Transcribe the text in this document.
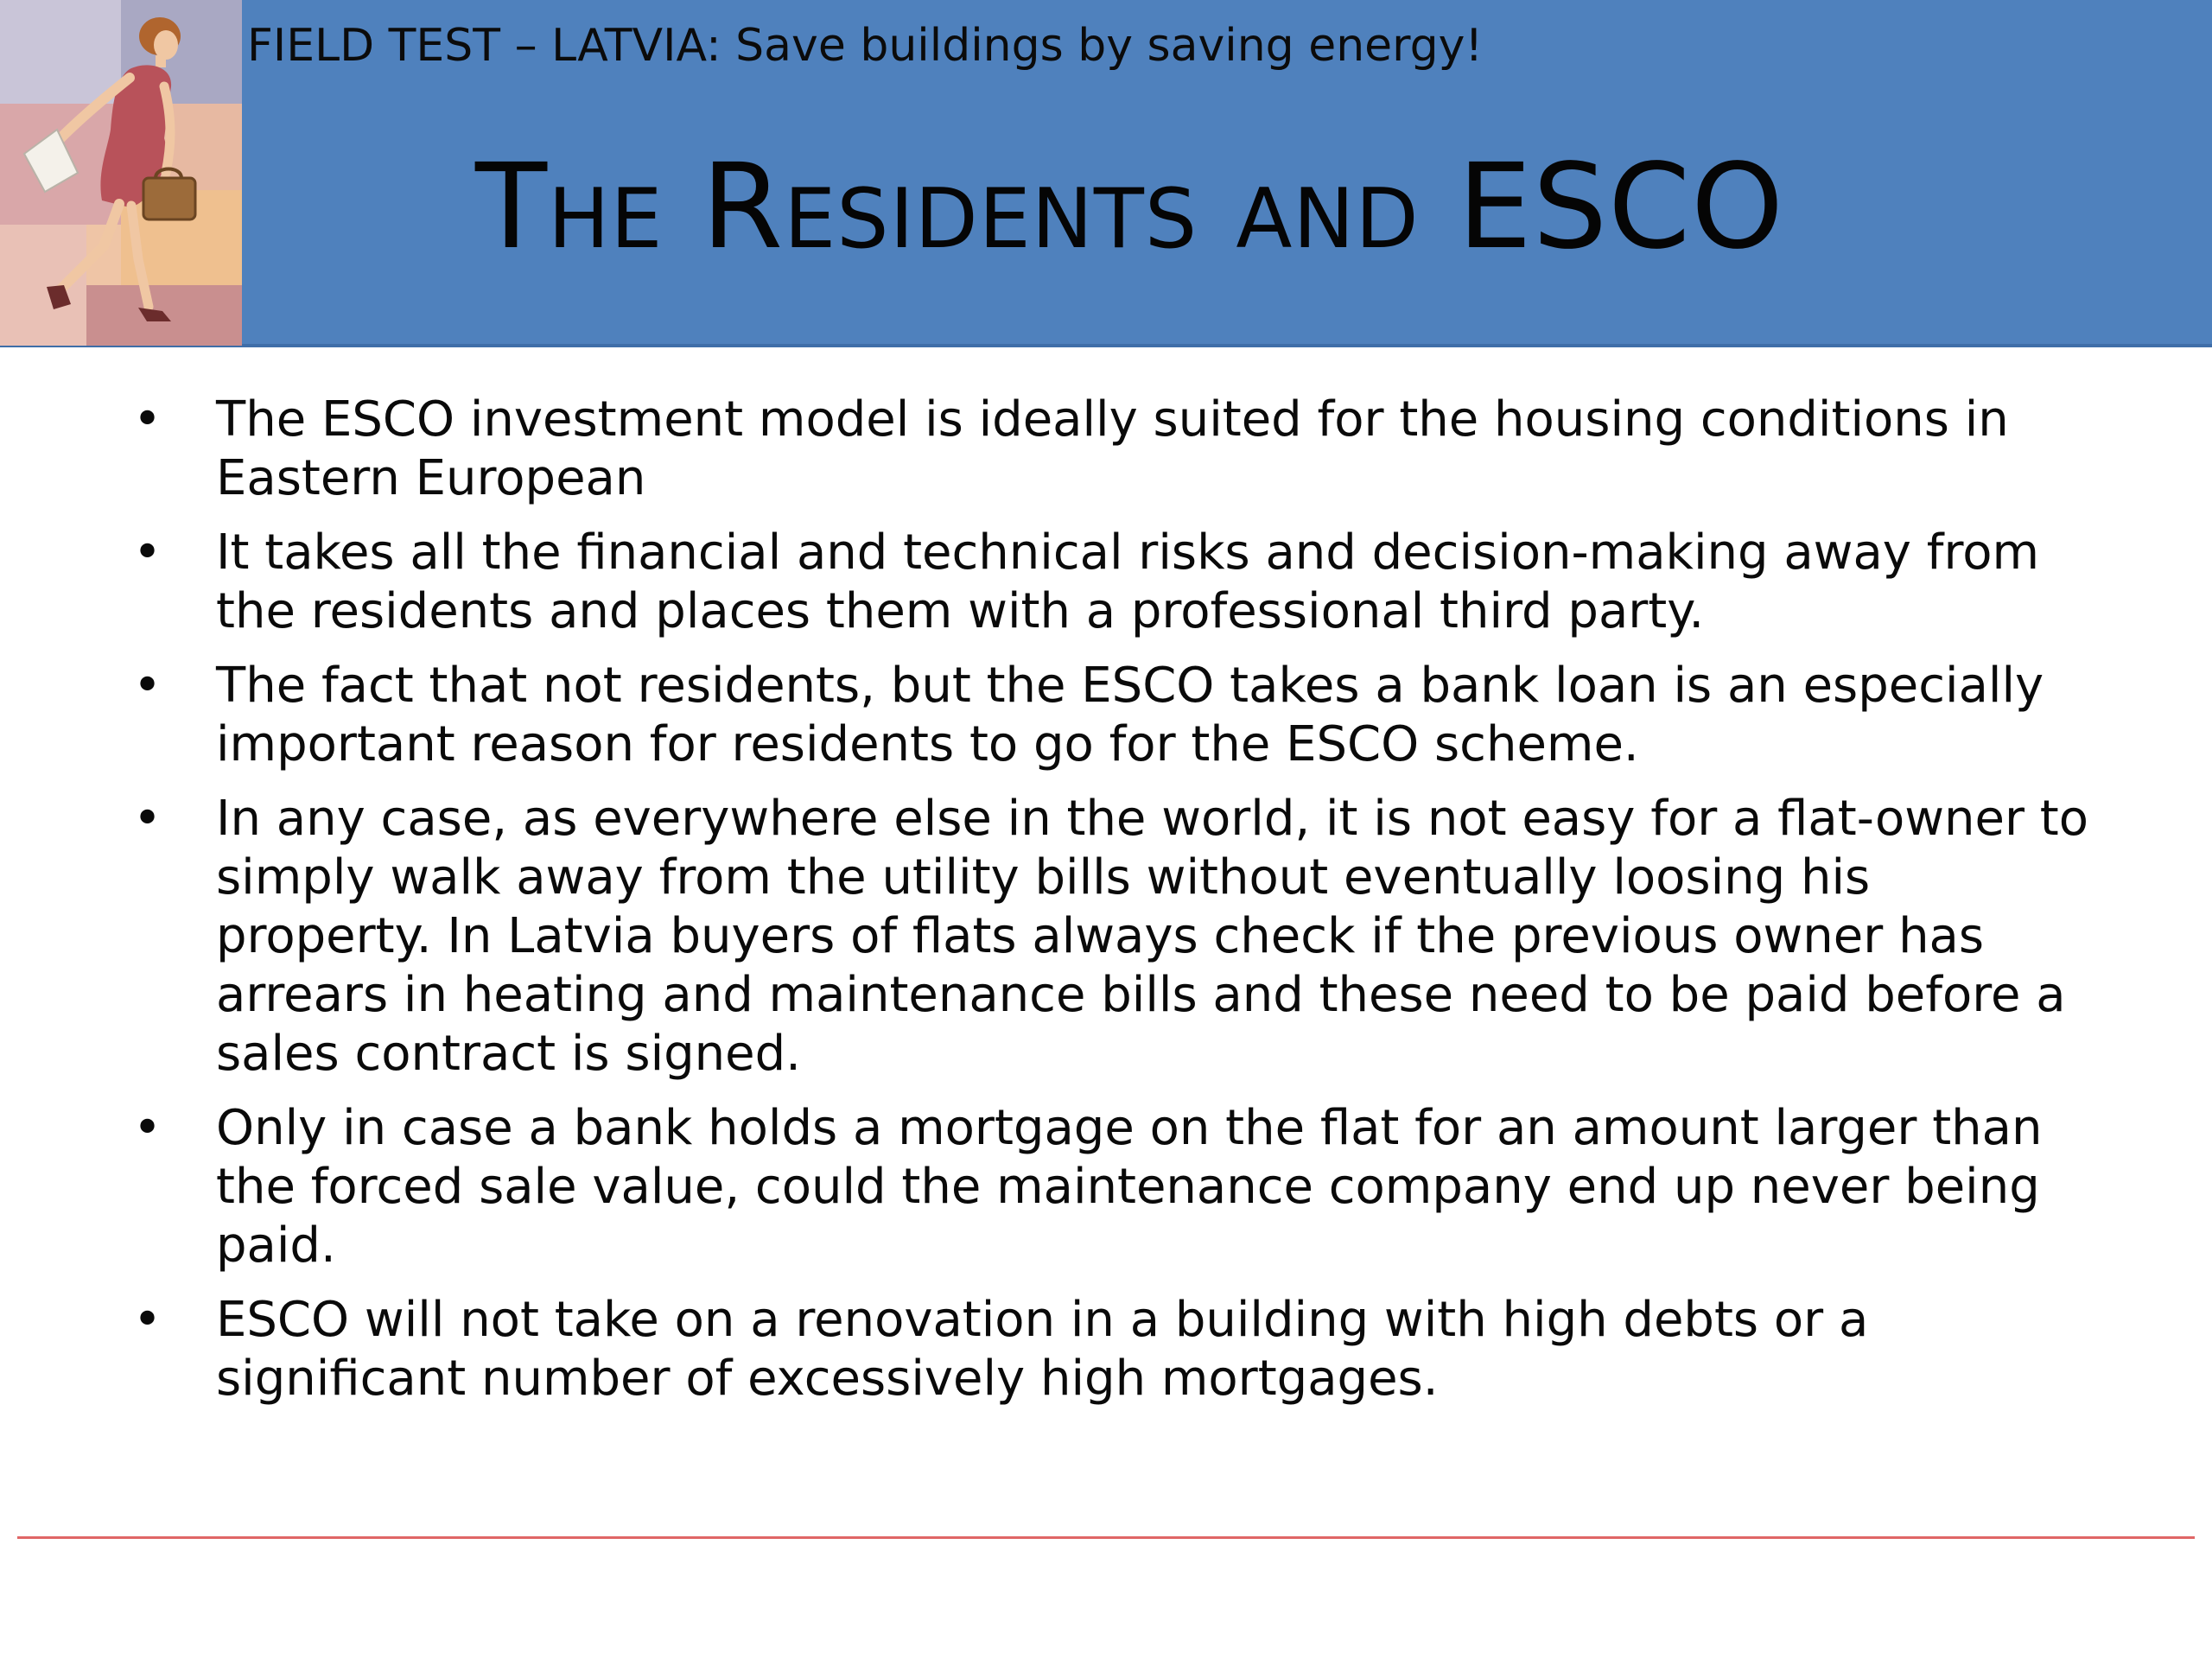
FIELD TEST – LATVIA: Save buildings by saving energy!
The Residents and ESCO
• The ESCO investment model is ideally suited for the housing conditions in Eastern European
• It takes all the financial and technical risks and decision-making away from the residents and places them with a professional third party.
• The fact that not residents, but the ESCO takes a bank loan is an especially important reason for residents to go for the ESCO scheme.
• In any case, as everywhere else in the world, it is not easy for a flat-owner to simply walk away from the utility bills without eventually loosing his property. In Latvia buyers of flats always check if the previous owner has arrears in heating and maintenance bills and these need to be paid before a sales contract is signed.
• Only in case a bank holds a mortgage on the flat for an amount larger than the forced sale value, could the maintenance company end up never being paid.
• ESCO will not take on a renovation in a building with high debts or a significant number of excessively high mortgages.
